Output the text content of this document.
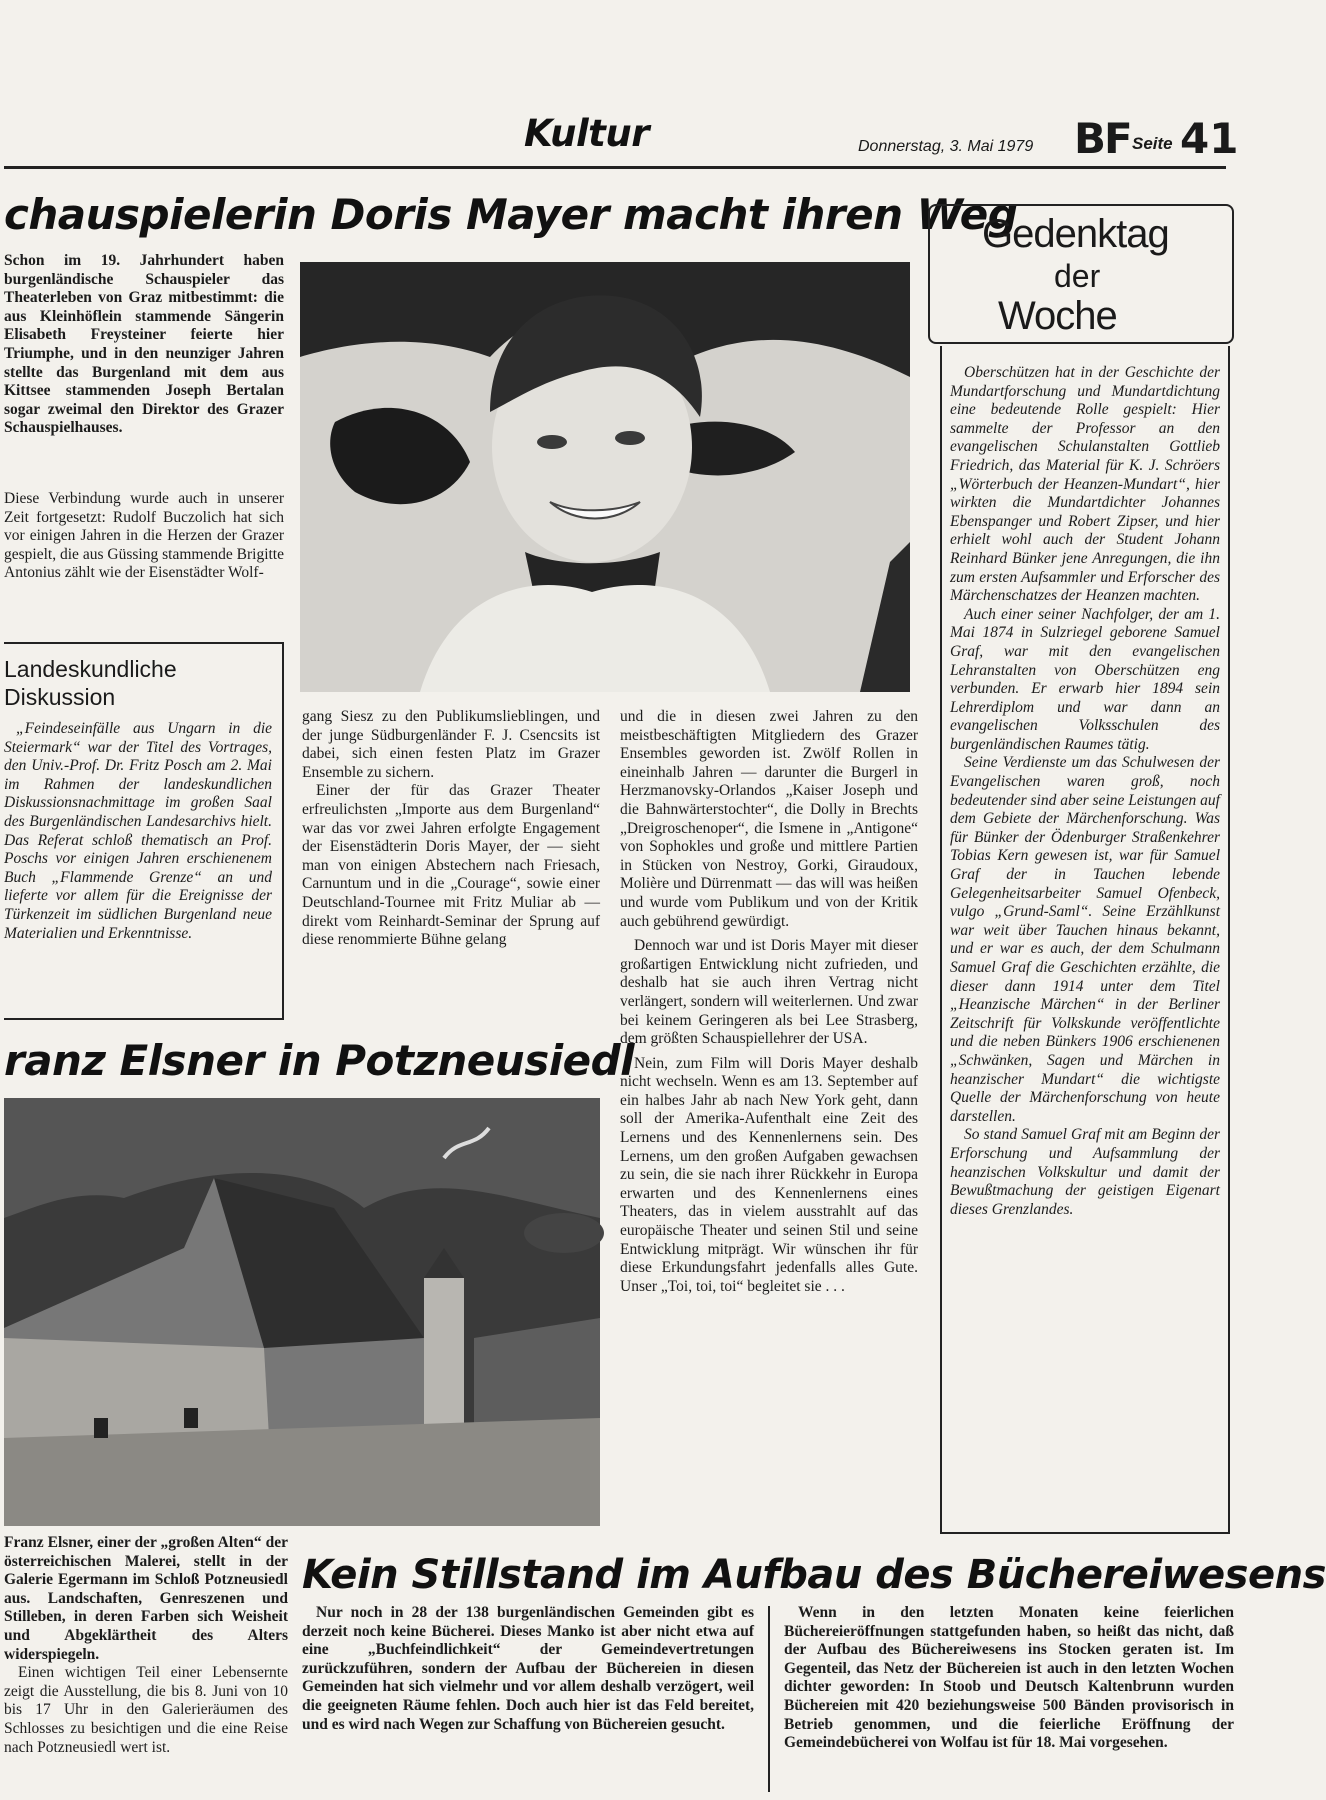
Kultur	Donnerstag, 3. Mai 1979 BF Seite 41
chauspielerin Doris Mayer macht ihren Weg

Schon im 19. Jahrhundert haben burgenländische Schauspieler das Theaterleben von Graz mitbestimmt: die aus Kleinhöflein stammende Sängerin Elisabeth Freysteiner feierte hier Triumphe, und in den neunziger Jahren stellte das Burgenland mit dem aus Kittsee stammenden Joseph Bertalan sogar zweimal den Direktor des Grazer Schauspielhauses.

Diese Verbindung wurde auch in unserer Zeit fortgesetzt: Rudolf Buczolich hat sich vor einigen Jahren in die Herzen der Grazer gespielt, die aus Güssing stammende Brigitte Antonius zählt wie der Eisenstädter Wolf-

Landeskundliche
Diskussion
„Feindeseinfälle aus Ungarn in die Steiermark“ war der Titel des Vortrages, den Univ.-Prof. Dr. Fritz Posch am 2. Mai im Rahmen der landeskundlichen Diskussionsnachmittage im großen Saal des Burgenländischen Landesarchivs hielt. Das Referat schloß thematisch an Prof. Poschs vor einigen Jahren erschienenem Buch „Flammende Grenze“ an und lieferte vor allem für die Ereignisse der Türkenzeit im südlichen Burgenland neue Materialien und Erkenntnisse.

gang Siesz zu den Publikumslieblingen, und der junge Südburgenländer F. J. Csencsits ist dabei, sich einen festen Platz im Grazer Ensemble zu sichern.

Einer der für das Grazer Theater erfreulichsten „Importe aus dem Burgenland“ war das vor zwei Jahren erfolgte Engagement der Eisenstädterin Doris Mayer, der — sieht man von einigen Abstechern nach Friesach, Carnuntum und in die „Courage“, sowie einer Deutschland-Tournee mit Fritz Muliar ab — direkt vom Reinhardt-Seminar der Sprung auf diese renommierte Bühne gelang

und die in diesen zwei Jahren zu den meistbeschäftigten Mitgliedern des Grazer Ensembles geworden ist. Zwölf Rollen in eineinhalb Jahren — darunter die Burgerl in Herzmanovsky-Orlandos „Kaiser Joseph und die Bahnwärterstochter“, die Dolly in Brechts „Dreigroschenoper“, die Ismene in „Antigone“ von Sophokles und große und mittlere Partien in Stücken von Nestroy, Gorki, Giraudoux, Molière und Dürrenmatt — das will was heißen und wurde vom Publikum und von der Kritik auch gebührend gewürdigt.

Dennoch war und ist Doris Mayer mit dieser großartigen Entwicklung nicht zufrieden, und deshalb hat sie auch ihren Vertrag nicht verlängert, sondern will weiterlernen. Und zwar bei keinem Geringeren als bei Lee Strasberg, dem größten Schauspiellehrer der USA.

Nein, zum Film will Doris Mayer deshalb nicht wechseln. Wenn es am 13. September auf ein halbes Jahr ab nach New York geht, dann soll der Amerika-Aufenthalt eine Zeit des Lernens und des Kennenlernens sein. Des Lernens, um den großen Aufgaben gewachsen zu sein, die sie nach ihrer Rückkehr in Europa erwarten und des Kennenlernens eines Theaters, das in vielem ausstrahlt auf das europäische Theater und seinen Stil und seine Entwicklung mitprägt. Wir wünschen ihr für diese Erkundungsfahrt jedenfalls alles Gute. Unser „Toi, toi, toi“ begleitet sie . . .

ranz Elsner in Potzneusiedl

Franz Elsner, einer der „großen Alten“ der österreichischen Malerei, stellt in der Galerie Egermann im Schloß Potzneusiedl aus. Landschaften, Genreszenen und Stilleben, in deren Farben sich Weisheit und Abgeklärtheit des Alters widerspiegeln.

Einen wichtigen Teil einer Lebensernte zeigt die Ausstellung, die bis 8. Juni von 10 bis 17 Uhr in den Galerieräumen des Schlosses zu besichtigen und die eine Reise nach Potzneusiedl wert ist.

Gedenktag
der
Woche

Oberschützen hat in der Geschichte der Mundartforschung und Mundartdichtung eine bedeutende Rolle gespielt: Hier sammelte der Professor an den evangelischen Schulanstalten Gottlieb Friedrich, das Material für K. J. Schröers „Wörterbuch der Heanzen-Mundart“, hier wirkten die Mundartdichter Johannes Ebenspanger und Robert Zipser, und hier erhielt wohl auch der Student Johann Reinhard Bünker jene Anregungen, die ihn zum ersten Aufsammler und Erforscher des Märchenschatzes der Heanzen machten.

Auch einer seiner Nachfolger, der am 1. Mai 1874 in Sulzriegel geborene Samuel Graf, war mit den evangelischen Lehranstalten von Oberschützen eng verbunden. Er erwarb hier 1894 sein Lehrerdiplom und war dann an evangelischen Volksschulen des burgenländischen Raumes tätig.

Seine Verdienste um das Schulwesen der Evangelischen waren groß, noch bedeutender sind aber seine Leistungen auf dem Gebiete der Märchenforschung. Was für Bünker der Ödenburger Straßenkehrer Tobias Kern gewesen ist, war für Samuel Graf der in Tauchen lebende Gelegenheitsarbeiter Samuel Ofenbeck, vulgo „Grund-Saml“. Seine Erzählkunst war weit über Tauchen hinaus bekannt, und er war es auch, der dem Schulmann Samuel Graf die Geschichten erzählte, die dieser dann 1914 unter dem Titel „Heanzische Märchen“ in der Berliner Zeitschrift für Volkskunde veröffentlichte und die neben Bünkers 1906 erschienenen „Schwänken, Sagen und Märchen in heanzischer Mundart“ die wichtigste Quelle der Märchenforschung von heute darstellen.

So stand Samuel Graf mit am Beginn der Erforschung und Aufsammlung der heanzischen Volkskultur und damit der Bewußtmachung der geistigen Eigenart dieses Grenzlandes.

Kein Stillstand im Aufbau des Büchereiwesens

Nur noch in 28 der 138 burgenländischen Gemeinden gibt es derzeit noch keine Bücherei. Dieses Manko ist aber nicht etwa auf eine „Buchfeindlichkeit“ der Gemeindevertretungen zurückzuführen, sondern der Aufbau der Büchereien in diesen Gemeinden hat sich vielmehr und vor allem deshalb verzögert, weil die geeigneten Räume fehlen. Doch auch hier ist das Feld bereitet, und es wird nach Wegen zur Schaffung von Büchereien gesucht.

Wenn in den letzten Monaten keine feierlichen Büchereieröffnungen stattgefunden haben, so heißt das nicht, daß der Aufbau des Büchereiwesens ins Stocken geraten ist. Im Gegenteil, das Netz der Büchereien ist auch in den letzten Wochen dichter geworden: In Stoob und Deutsch Kaltenbrunn wurden Büchereien mit 420 beziehungsweise 500 Bänden provisorisch in Betrieb genommen, und die feierliche Eröffnung der Gemeindebücherei von Wolfau ist für 18. Mai vorgesehen.
